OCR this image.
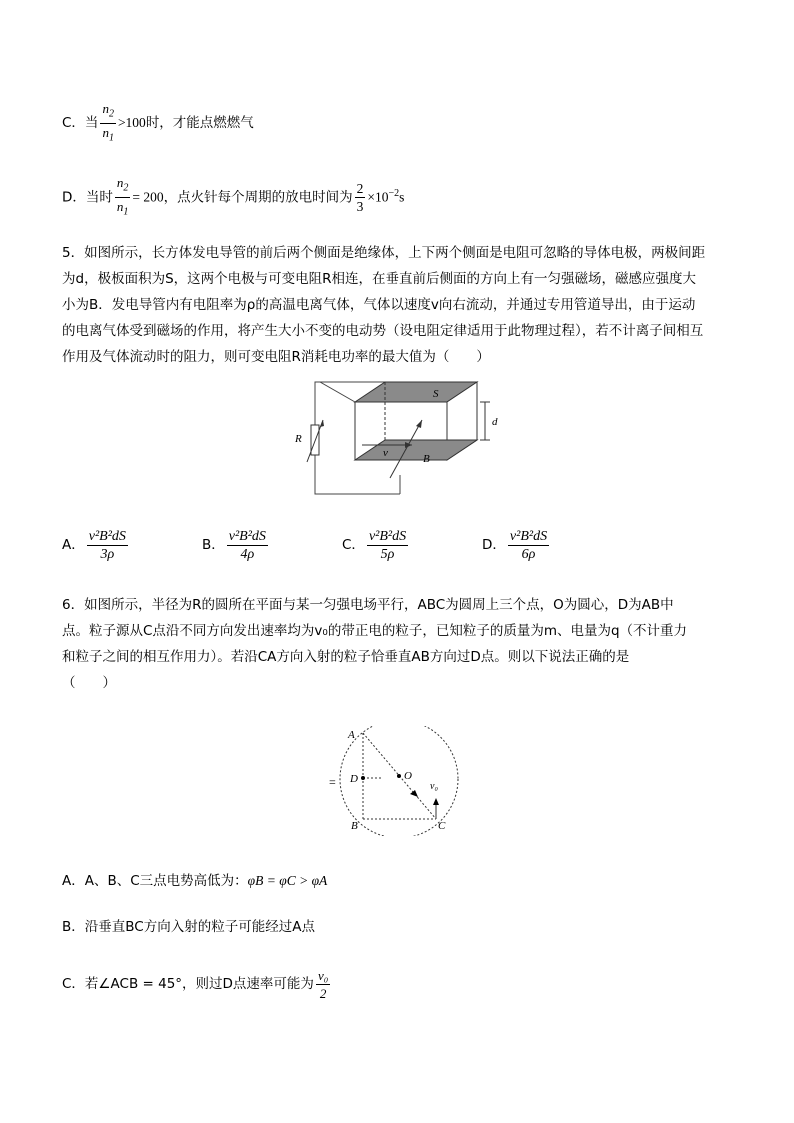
C．当 $\frac{n_2}{n_1} >100$时，才能点燃燃气
D．当时 $\frac{n_2}{n_1} = 200$，点火针每个周期的放电时间为 $\frac{2}{3} \times 10^{-2}s$
5．如图所示，长方体发电导管的前后两个侧面是绝缘体，上下两个侧面是电阻可忽略的导体电极，两极间距
为d，极板面积为S，这两个电极与可变电阻R相连，在垂直前后侧面的方向上有一匀强磁场，磁感应强度大
小为B．发电导管内有电阻率为ρ的高温电离气体，气体以速度v向右流动，并通过专用管道导出，由于运动
的电离气体受到磁场的作用，将产生大小不变的电动势（设电阻定律适用于此物理过程），若不计离子间相互
作用及气体流动时的阻力，则可变电阻R消耗电功率的最大值为（　　）
R
S
d
v	B
A． $\frac{\text{v²B²dS}}{3\rho}$	B． $\frac{\text{v²B²dS}}{4\rho}$	C． $\frac{\text{v²B²dS}}{5\rho}$	D． $\frac{\text{v²B²dS}}{6\rho}$
6．如图所示，半径为R的圆所在平面与某一匀强电场平行，ABC为圆周上三个点，O为圆心，D为AB中
点。粒子源从C点沿不同方向发出速率均为v₀的带正电的粒子，已知粒子的质量为m、电量为q（不计重力
和粒子之间的相互作用力）。若沿CA方向入射的粒子恰垂直AB方向过D点。则以下说法正确的是
（　　）
A
B	C
D	O
v₀
=
A．A、B、C三点电势高低为：φB = φC > φA
B．沿垂直BC方向入射的粒子可能经过A点
C．若∠ACB = 45°，则过D点速率可能为 $\frac{\text{v₀}}{2}$
